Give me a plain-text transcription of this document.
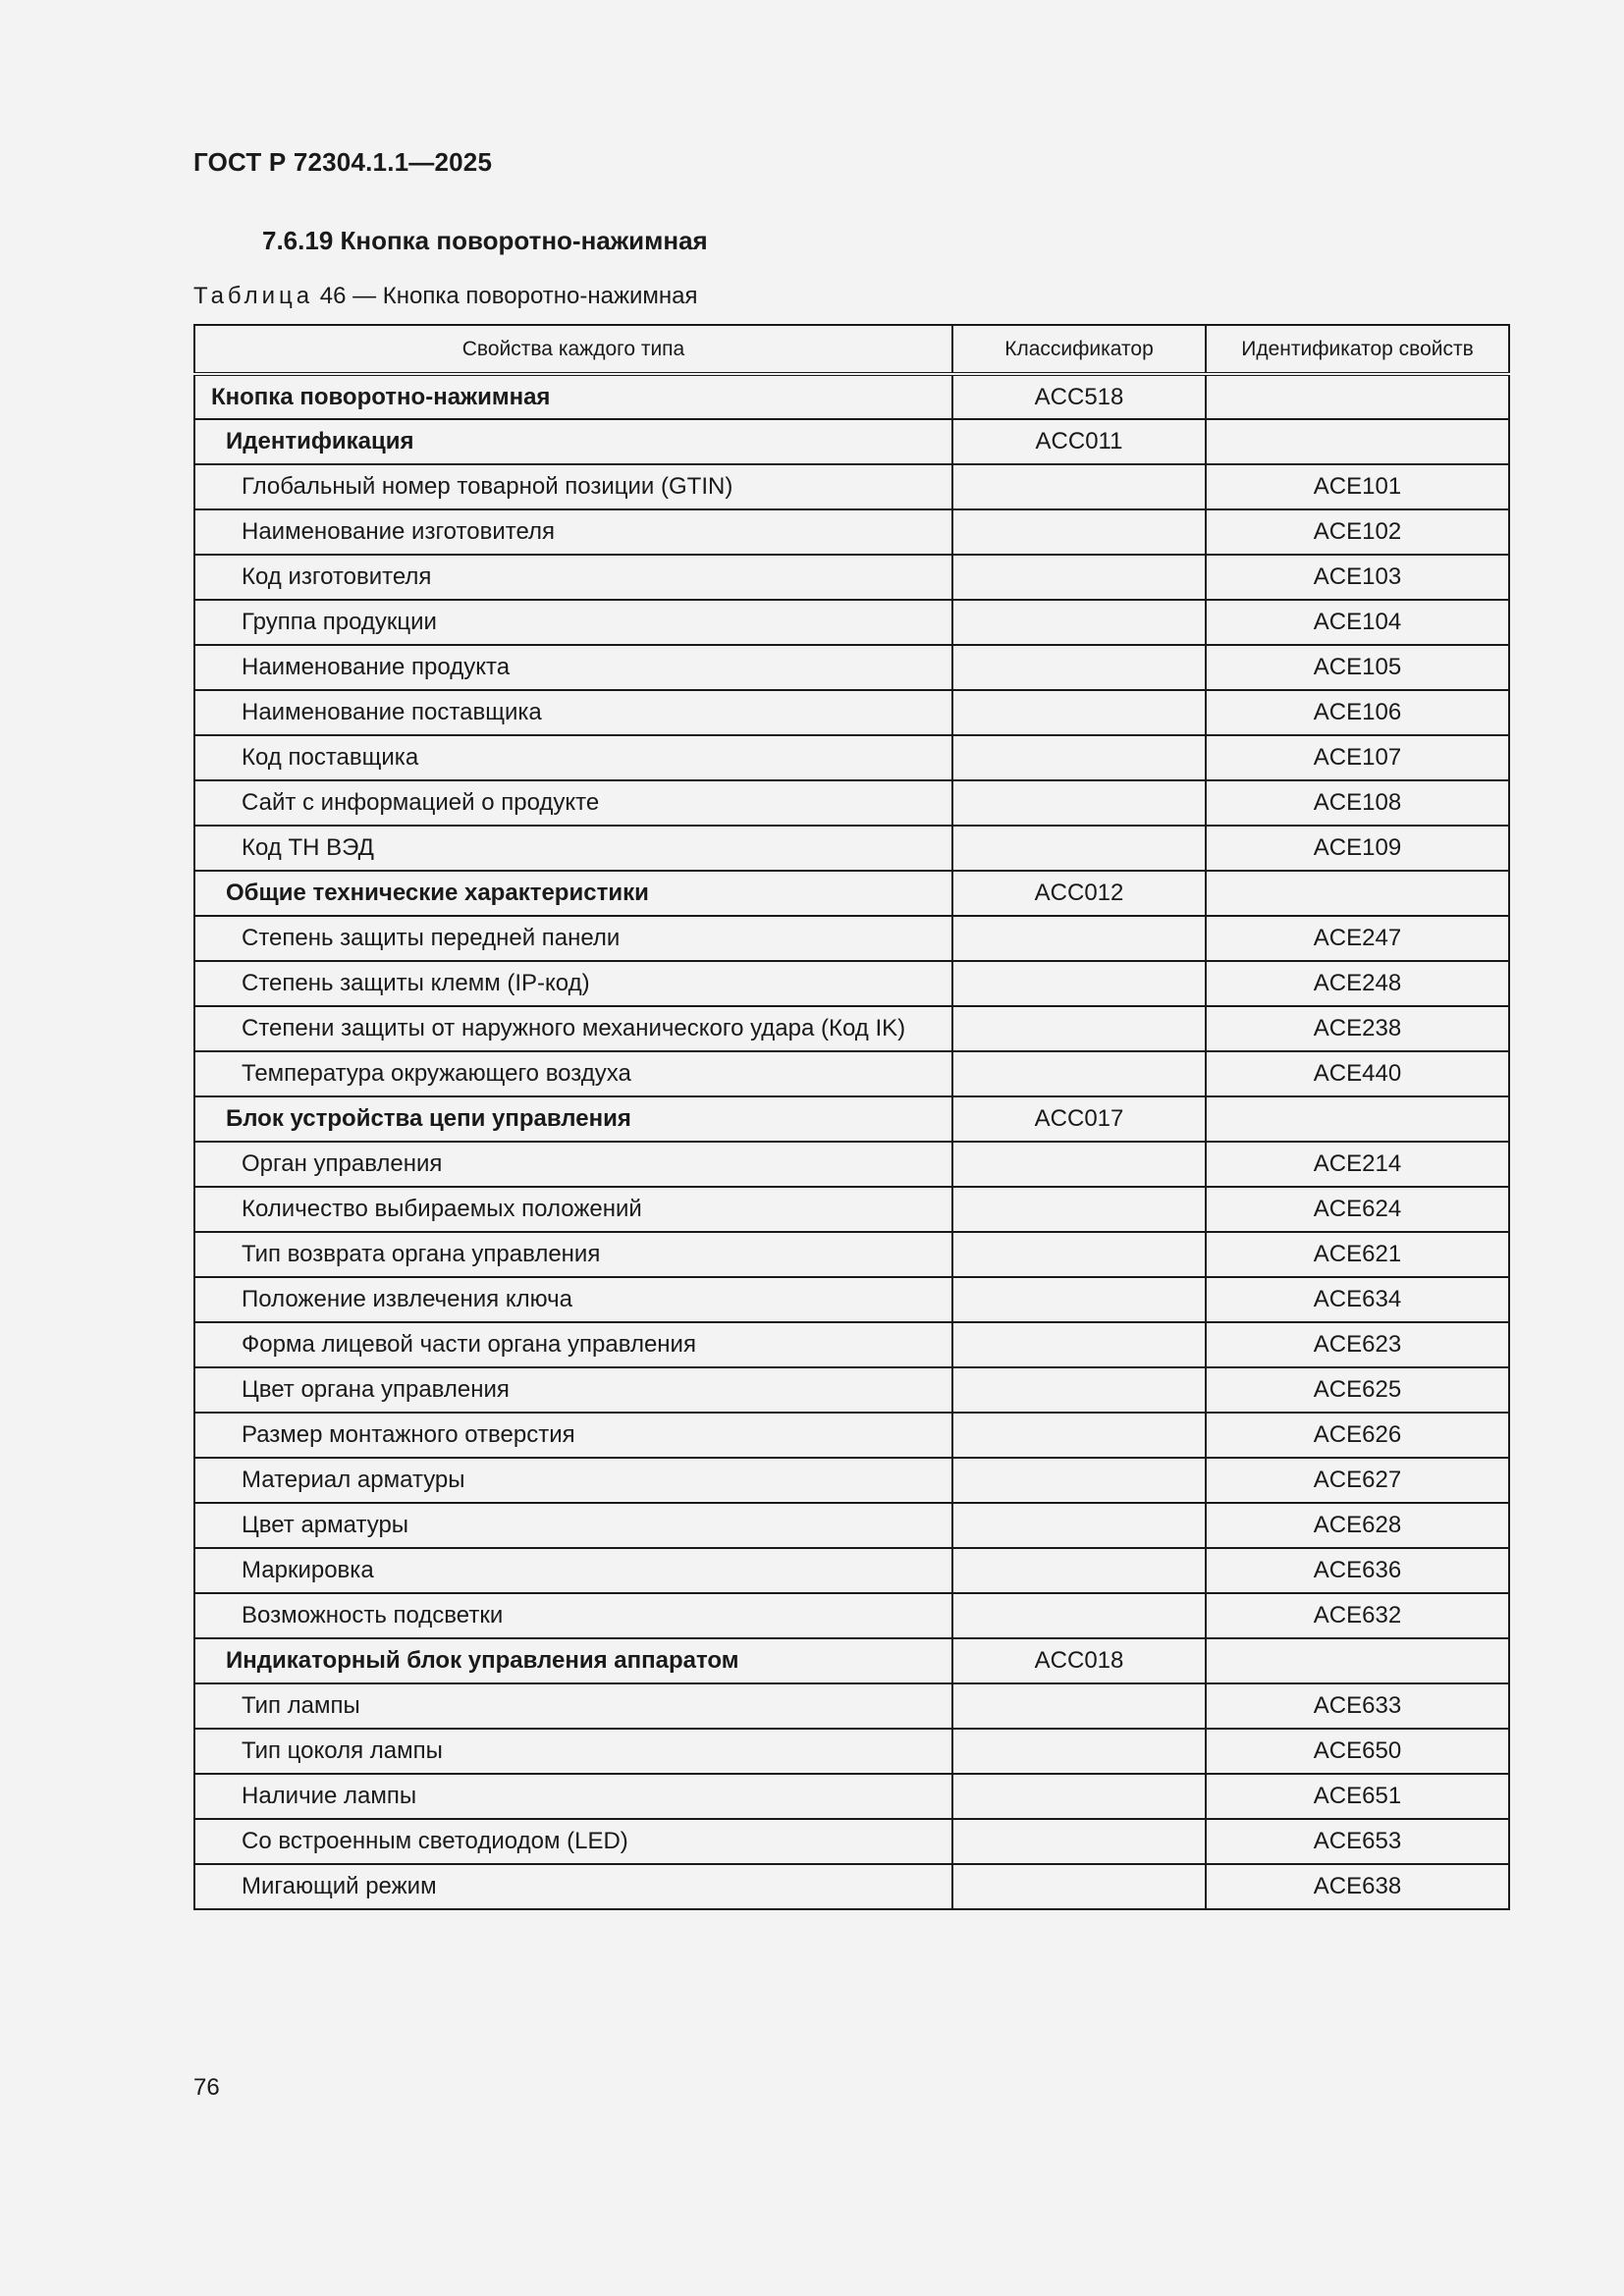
ГОСТ Р 72304.1.1—2025
7.6.19 Кнопка поворотно-нажимная
Таблица 46 — Кнопка поворотно-нажимная
Свойства каждого типа	Классификатор	Идентификатор свойств
Кнопка поворотно-нажимная	ACC518	
Идентификация	ACC011	
Глобальный номер товарной позиции (GTIN)		ACE101
Наименование изготовителя		ACE102
Код изготовителя		ACE103
Группа продукции		ACE104
Наименование продукта		ACE105
Наименование поставщика		ACE106
Код поставщика		ACE107
Сайт с информацией о продукте		ACE108
Код ТН ВЭД		ACE109
Общие технические характеристики	ACC012	
Степень защиты передней панели		ACE247
Степень защиты клемм (IP-код)		ACE248
Степени защиты от наружного механического удара (Код IK)		ACE238
Температура окружающего воздуха		ACE440
Блок устройства цепи управления	ACC017	
Орган управления		ACE214
Количество выбираемых положений		ACE624
Тип возврата органа управления		ACE621
Положение извлечения ключа		ACE634
Форма лицевой части органа управления		ACE623
Цвет органа управления		ACE625
Размер монтажного отверстия		ACE626
Материал арматуры		ACE627
Цвет арматуры		ACE628
Маркировка		ACE636
Возможность подсветки		ACE632
Индикаторный блок управления аппаратом	ACC018	
Тип лампы		ACE633
Тип цоколя лампы		ACE650
Наличие лампы		ACE651
Со встроенным светодиодом (LED)		ACE653
Мигающий режим		ACE638
76
